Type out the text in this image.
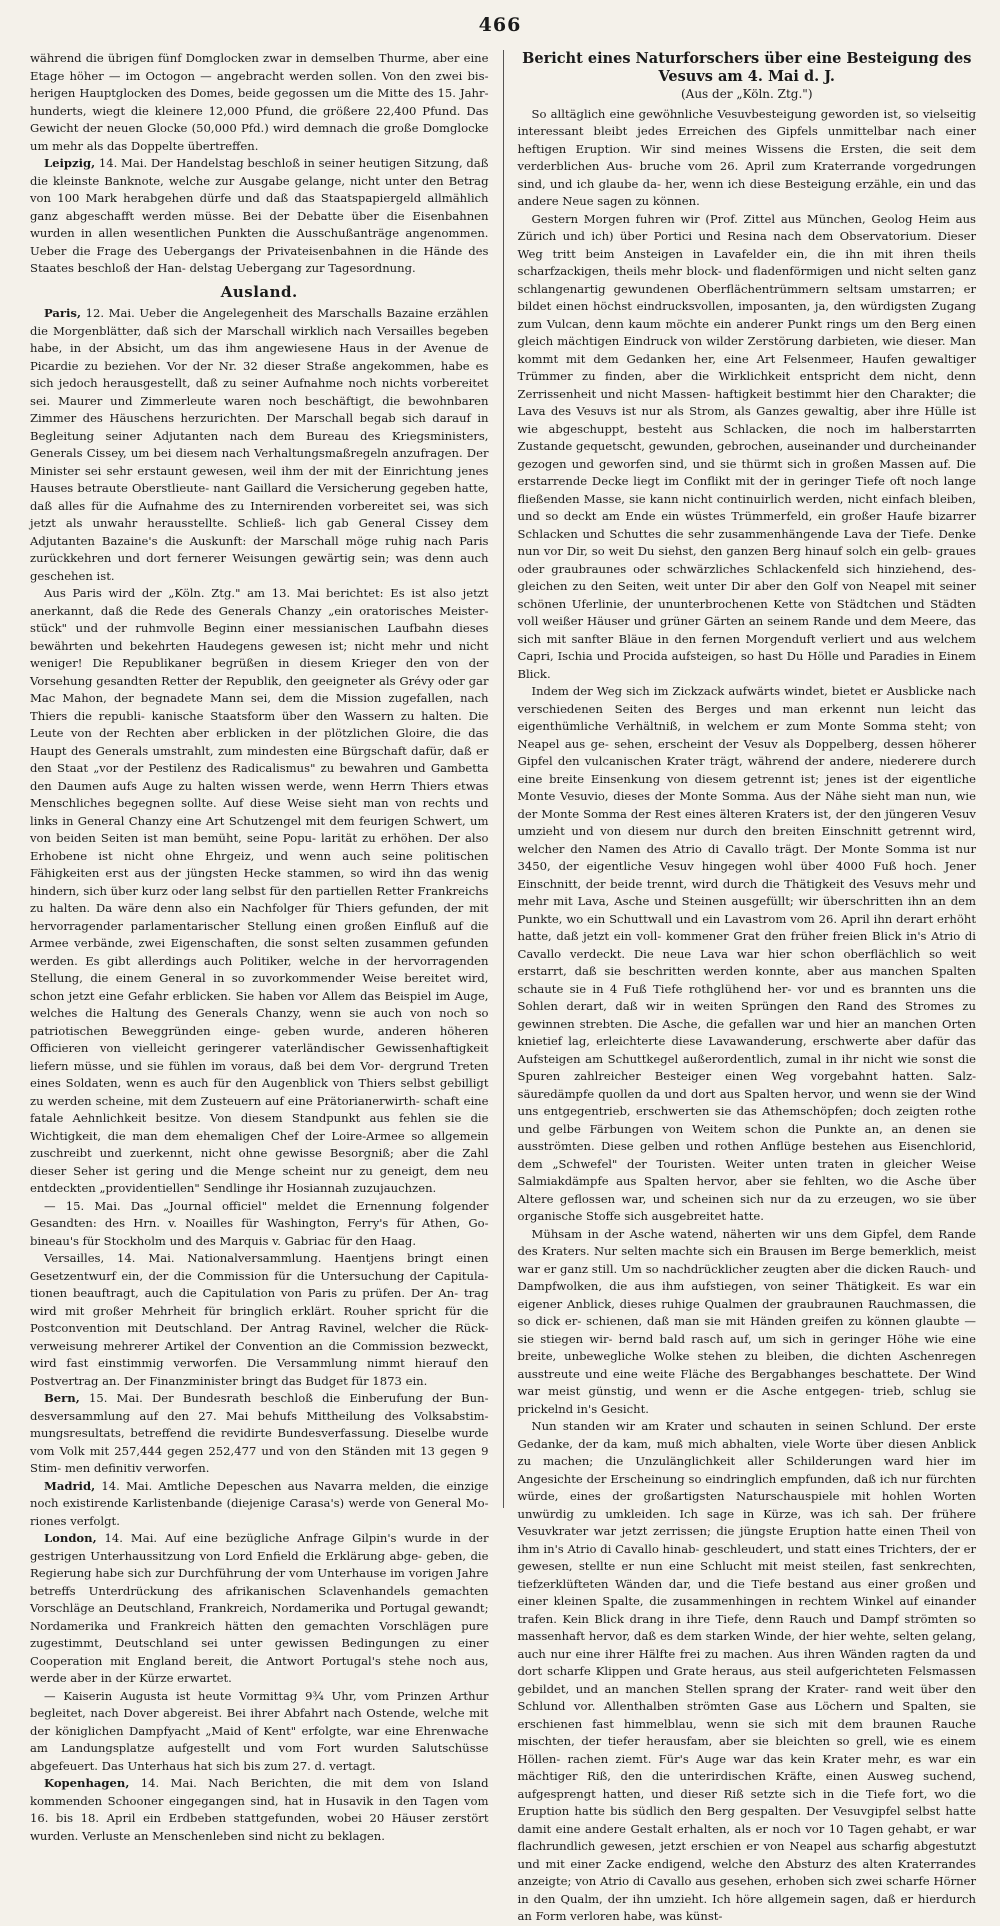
466

während die übrigen fünf Domglocken zwar in demselben Thurme, aber eine Etage höher — im Octogon — angebracht werden sollen. Von den zwei bis- herigen Hauptglocken des Domes, beide gegossen um die Mitte des 15. Jahr- hunderts, wiegt die kleinere 12,000 Pfund, die größere 22,400 Pfund. Das Gewicht der neuen Glocke (50,000 Pfd.) wird demnach die große Domglocke um mehr als das Doppelte übertreffen.

Leipzig, 14. Mai. Der Handelstag beschloß in seiner heutigen Sitzung, daß die kleinste Banknote, welche zur Ausgabe gelange, nicht unter den Betrag von 100 Mark herabgehen dürfe und daß das Staatspapiergeld allmählich ganz abgeschafft werden müsse. Bei der Debatte über die Eisenbahnen wurden in allen wesentlichen Punkten die Ausschußanträge angenommen. Ueber die Frage des Uebergangs der Privateisenbahnen in die Hände des Staates beschloß der Han- delstag Uebergang zur Tagesordnung.

Ausland.

Paris, 12. Mai. Ueber die Angelegenheit des Marschalls Bazaine erzählen die Morgenblätter, daß sich der Marschall wirklich nach Versailles begeben habe, in der Absicht, um das ihm angewiesene Haus in der Avenue de Picardie zu beziehen. Vor der Nr. 32 dieser Straße angekommen, habe es sich jedoch herausgestellt, daß zu seiner Aufnahme noch nichts vorbereitet sei. Maurer und Zimmerleute waren noch beschäftigt, die bewohnbaren Zimmer des Häuschens herzurichten. Der Marschall begab sich darauf in Begleitung seiner Adjutanten nach dem Bureau des Kriegsministers, Generals Cissey, um bei diesem nach Verhaltungsmaßregeln anzufragen. Der Minister sei sehr erstaunt gewesen, weil ihm der mit der Einrichtung jenes Hauses betraute Oberstlieute- nant Gaillard die Versicherung gegeben hatte, daß alles für die Aufnahme des zu Internirenden vorbereitet sei, was sich jetzt als unwahr herausstellte. Schließ- lich gab General Cissey dem Adjutanten Bazaine's die Auskunft: der Marschall möge ruhig nach Paris zurückkehren und dort fernerer Weisungen gewärtig sein; was denn auch geschehen ist.

Aus Paris wird der „Köln. Ztg." am 13. Mai berichtet: Es ist also jetzt anerkannt, daß die Rede des Generals Chanzy „ein oratorisches Meister- stück" und der ruhmvolle Beginn einer messianischen Laufbahn dieses bewährten und bekehrten Haudegens gewesen ist; nicht mehr und nicht weniger! Die Republikaner begrüßen in diesem Krieger den von der Vorsehung gesandten Retter der Republik, den geeigneter als Grévy oder gar Mac Mahon, der begnadete Mann sei, dem die Mission zugefallen, nach Thiers die republi- kanische Staatsform über den Wassern zu halten. Die Leute von der Rechten aber erblicken in der plötzlichen Gloire, die das Haupt des Generals umstrahlt, zum mindesten eine Bürgschaft dafür, daß er den Staat „vor der Pestilenz des Radicalismus" zu bewahren und Gambetta den Daumen aufs Auge zu halten wissen werde, wenn Herrn Thiers etwas Menschliches begegnen sollte. Auf diese Weise sieht man von rechts und links in General Chanzy eine Art Schutzengel mit dem feurigen Schwert, um von beiden Seiten ist man bemüht, seine Popu- larität zu erhöhen. Der also Erhobene ist nicht ohne Ehrgeiz, und wenn auch seine politischen Fähigkeiten erst aus der jüngsten Hecke stammen, so wird ihn das wenig hindern, sich über kurz oder lang selbst für den partiellen Retter Frankreichs zu halten. Da wäre denn also ein Nachfolger für Thiers gefunden, der mit hervorragender parlamentarischer Stellung einen großen Einfluß auf die Armee verbände, zwei Eigenschaften, die sonst selten zusammen gefunden werden. Es gibt allerdings auch Politiker, welche in der hervorragenden Stellung, die einem General in so zuvorkommender Weise bereitet wird, schon jetzt eine Gefahr erblicken. Sie haben vor Allem das Beispiel im Auge, welches die Haltung des Generals Chanzy, wenn sie auch von noch so patriotischen Beweggründen einge- geben wurde, anderen höheren Officieren von vielleicht geringerer vaterländischer Gewissenhaftigkeit liefern müsse, und sie fühlen im voraus, daß bei dem Vor- dergrund Treten eines Soldaten, wenn es auch für den Augenblick von Thiers selbst gebilligt zu werden scheine, mit dem Zusteuern auf eine Prätorianerwirth- schaft eine fatale Aehnlichkeit besitze. Von diesem Standpunkt aus fehlen sie die Wichtigkeit, die man dem ehemaligen Chef der Loire-Armee so allgemein zuschreibt und zuerkennt, nicht ohne gewisse Besorgniß; aber die Zahl dieser Seher ist gering und die Menge scheint nur zu geneigt, dem neu entdeckten „providentiellen" Sendlinge ihr Hosiannah zuzujauchzen.

— 15. Mai. Das „Journal officiel" meldet die Ernennung folgender Gesandten: des Hrn. v. Noailles für Washington, Ferry's für Athen, Go- bineau's für Stockholm und des Marquis v. Gabriac für den Haag.

Versailles, 14. Mai. Nationalversammlung. Haentjens bringt einen Gesetzentwurf ein, der die Commission für die Untersuchung der Capitula- tionen beauftragt, auch die Capitulation von Paris zu prüfen. Der An- trag wird mit großer Mehrheit für bringlich erklärt. Rouher spricht für die Postconvention mit Deutschland. Der Antrag Ravinel, welcher die Rück- verweisung mehrerer Artikel der Convention an die Commission bezweckt, wird fast einstimmig verworfen. Die Versammlung nimmt hierauf den Postvertrag an. Der Finanzminister bringt das Budget für 1873 ein.

Bern, 15. Mai. Der Bundesrath beschloß die Einberufung der Bun- desversammlung auf den 27. Mai behufs Mittheilung des Volksabstim- mungsresultats, betreffend die revidirte Bundesverfassung. Dieselbe wurde vom Volk mit 257,444 gegen 252,477 und von den Ständen mit 13 gegen 9 Stim- men definitiv verworfen.

Madrid, 14. Mai. Amtliche Depeschen aus Navarra melden, die einzige noch existirende Karlistenbande (diejenige Carasa's) werde von General Mo- riones verfolgt.

London, 14. Mai. Auf eine bezügliche Anfrage Gilpin's wurde in der gestrigen Unterhaussitzung von Lord Enfield die Erklärung abge- geben, die Regierung habe sich zur Durchführung der vom Unterhause im vorigen Jahre betreffs Unterdrückung des afrikanischen Sclavenhandels gemachten Vorschläge an Deutschland, Frankreich, Nordamerika und Portugal gewandt; Nordamerika und Frankreich hätten den gemachten Vorschlägen pure zugestimmt, Deutschland sei unter gewissen Bedingungen zu einer Cooperation mit England bereit, die Antwort Portugal's stehe noch aus, werde aber in der Kürze erwartet.

— Kaiserin Augusta ist heute Vormittag 9¾ Uhr, vom Prinzen Arthur begleitet, nach Dover abgereist. Bei ihrer Abfahrt nach Ostende, welche mit der königlichen Dampfyacht „Maid of Kent" erfolgte, war eine Ehrenwache am Landungsplatze aufgestellt und vom Fort wurden Salutschüsse abgefeuert. Das Unterhaus hat sich bis zum 27. d. vertagt.

Kopenhagen, 14. Mai. Nach Berichten, die mit dem von Island kommenden Schooner eingegangen sind, hat in Husavik in den Tagen vom 16. bis 18. April ein Erdbeben stattgefunden, wobei 20 Häuser zerstört wurden. Verluste an Menschenleben sind nicht zu beklagen.

Bericht eines Naturforschers über eine Besteigung des Vesuvs am 4. Mai d. J.
(Aus der „Köln. Ztg.")

So alltäglich eine gewöhnliche Vesuvbesteigung geworden ist, so vielseitig interessant bleibt jedes Erreichen des Gipfels unmittelbar nach einer heftigen Eruption. Wir sind meines Wissens die Ersten, die seit dem verderblichen Aus- bruche vom 26. April zum Kraterrande vorgedrungen sind, und ich glaube da- her, wenn ich diese Besteigung erzähle, ein und das andere Neue sagen zu können.

Gestern Morgen fuhren wir (Prof. Zittel aus München, Geolog Heim aus Zürich und ich) über Portici und Resina nach dem Observatorium. Dieser Weg tritt beim Ansteigen in Lavafelder ein, die ihn mit ihren theils scharfzackigen, theils mehr block- und fladenförmigen und nicht selten ganz schlangenartig gewundenen Oberflächentrümmern seltsam umstarren; er bildet einen höchst eindrucksvollen, imposanten, ja, den würdigsten Zugang zum Vulcan, denn kaum möchte ein anderer Punkt rings um den Berg einen gleich mächtigen Eindruck von wilder Zerstörung darbieten, wie dieser. Man kommt mit dem Gedanken her, eine Art Felsenmeer, Haufen gewaltiger Trümmer zu finden, aber die Wirklichkeit entspricht dem nicht, denn Zerrissenheit und nicht Massen- haftigkeit bestimmt hier den Charakter; die Lava des Vesuvs ist nur als Strom, als Ganzes gewaltig, aber ihre Hülle ist wie abgeschuppt, besteht aus Schlacken, die noch im halberstarrten Zustande gequetscht, gewunden, gebrochen, auseinander und durcheinander gezogen und geworfen sind, und sie thürmt sich in großen Massen auf. Die erstarrende Decke liegt im Conflikt mit der in geringer Tiefe oft noch lange fließenden Masse, sie kann nicht continuirlich werden, nicht einfach bleiben, und so deckt am Ende ein wüstes Trümmerfeld, ein großer Haufe bizarrer Schlacken und Schuttes die sehr zusammenhängende Lava der Tiefe. Denke nun vor Dir, so weit Du siehst, den ganzen Berg hinauf solch ein gelb- graues oder graubraunes oder schwärzliches Schlackenfeld sich hinziehend, des- gleichen zu den Seiten, weit unter Dir aber den Golf von Neapel mit seiner schönen Uferlinie, der ununterbrochenen Kette von Städtchen und Städten voll weißer Häuser und grüner Gärten an seinem Rande und dem Meere, das sich mit sanfter Bläue in den fernen Morgenduft verliert und aus welchem Capri, Ischia und Procida aufsteigen, so hast Du Hölle und Paradies in Einem Blick.

Indem der Weg sich im Zickzack aufwärts windet, bietet er Ausblicke nach verschiedenen Seiten des Berges und man erkennt nun leicht das eigenthümliche Verhältniß, in welchem er zum Monte Somma steht; von Neapel aus ge- sehen, erscheint der Vesuv als Doppelberg, dessen höherer Gipfel den vulcanischen Krater trägt, während der andere, niederere durch eine breite Einsenkung von diesem getrennt ist; jenes ist der eigentliche Monte Vesuvio, dieses der Monte Somma. Aus der Nähe sieht man nun, wie der Monte Somma der Rest eines älteren Kraters ist, der den jüngeren Vesuv umzieht und von diesem nur durch den breiten Einschnitt getrennt wird, welcher den Namen des Atrio di Cavallo trägt. Der Monte Somma ist nur 3450, der eigentliche Vesuv hingegen wohl über 4000 Fuß hoch. Jener Einschnitt, der beide trennt, wird durch die Thätigkeit des Vesuvs mehr und mehr mit Lava, Asche und Steinen ausgefüllt; wir überschritten ihn an dem Punkte, wo ein Schuttwall und ein Lavastrom vom 26. April ihn derart erhöht hatte, daß jetzt ein voll- kommener Grat den früher freien Blick in's Atrio di Cavallo verdeckt. Die neue Lava war hier schon oberflächlich so weit erstarrt, daß sie beschritten werden konnte, aber aus manchen Spalten schaute sie in 4 Fuß Tiefe rothglühend her- vor und es brannten uns die Sohlen derart, daß wir in weiten Sprüngen den Rand des Stromes zu gewinnen strebten. Die Asche, die gefallen war und hier an manchen Orten knietief lag, erleichterte diese Lavawanderung, erschwerte aber dafür das Aufsteigen am Schuttkegel außerordentlich, zumal in ihr nicht wie sonst die Spuren zahlreicher Besteiger einen Weg vorgebahnt hatten. Salz- säuredämpfe quollen da und dort aus Spalten hervor, und wenn sie der Wind uns entgegentrieb, erschwerten sie das Athemschöpfen; doch zeigten rothe und gelbe Färbungen von Weitem schon die Punkte an, an denen sie ausströmten. Diese gelben und rothen Anflüge bestehen aus Eisenchlorid, dem „Schwefel" der Touristen. Weiter unten traten in gleicher Weise Salmiakdämpfe aus Spalten hervor, aber sie fehlten, wo die Asche über Altere geflossen war, und scheinen sich nur da zu erzeugen, wo sie über organische Stoffe sich ausgebreitet hatte.

Mühsam in der Asche watend, näherten wir uns dem Gipfel, dem Rande des Kraters. Nur selten machte sich ein Brausen im Berge bemerklich, meist war er ganz still. Um so nachdrücklicher zeugten aber die dicken Rauch- und Dampfwolken, die aus ihm aufstiegen, von seiner Thätigkeit. Es war ein eigener Anblick, dieses ruhige Qualmen der graubraunen Rauchmassen, die so dick er- schienen, daß man sie mit Händen greifen zu können glaubte — sie stiegen wir- bernd bald rasch auf, um sich in geringer Höhe wie eine breite, unbewegliche Wolke stehen zu bleiben, die dichten Aschenregen ausstreute und eine weite Fläche des Bergabhanges beschattete. Der Wind war meist günstig, und wenn er die Asche entgegen- trieb, schlug sie prickelnd in's Gesicht.

Nun standen wir am Krater und schauten in seinen Schlund. Der erste Gedanke, der da kam, muß mich abhalten, viele Worte über diesen Anblick zu machen; die Unzulänglichkeit aller Schilderungen ward hier im Angesichte der Erscheinung so eindringlich empfunden, daß ich nur fürchten würde, eines der großartigsten Naturschauspiele mit hohlen Worten unwürdig zu umkleiden. Ich sage in Kürze, was ich sah. Der frühere Vesuvkrater war jetzt zerrissen; die jüngste Eruption hatte einen Theil von ihm in's Atrio di Cavallo hinab- geschleudert, und statt eines Trichters, der er gewesen, stellte er nun eine Schlucht mit meist steilen, fast senkrechten, tiefzerklüfteten Wänden dar, und die Tiefe bestand aus einer großen und einer kleinen Spalte, die zusammenhingen in rechtem Winkel auf einander trafen. Kein Blick drang in ihre Tiefe, denn Rauch und Dampf strömten so massenhaft hervor, daß es dem starken Winde, der hier wehte, selten gelang, auch nur eine ihrer Hälfte frei zu machen. Aus ihren Wänden ragten da und dort scharfe Klippen und Grate heraus, aus steil aufgerichteten Felsmassen gebildet, und an manchen Stellen sprang der Krater- rand weit über den Schlund vor. Allenthalben strömten Gase aus Löchern und Spalten, sie erschienen fast himmelblau, wenn sie sich mit dem braunen Rauche mischten, der tiefer herausfam, aber sie bleichten so grell, wie es einem Höllen- rachen ziemt. Für's Auge war das kein Krater mehr, es war ein mächtiger Riß, den die unterirdischen Kräfte, einen Ausweg suchend, aufgesprengt hatten, und dieser Riß setzte sich in die Tiefe fort, wo die Eruption hatte bis südlich den Berg gespalten. Der Vesuvgipfel selbst hatte damit eine andere Gestalt erhalten, als er noch vor 10 Tagen gehabt, er war flachrundlich gewesen, jetzt erschien er von Neapel aus scharfig abgestutzt und mit einer Zacke endigend, welche den Absturz des alten Kraterrandes anzeigte; von Atrio di Cavallo aus gesehen, erhoben sich zwei scharfe Hörner in den Qualm, der ihn umzieht. Ich höre allgemein sagen, daß er hierdurch an Form verloren habe, was künst-
